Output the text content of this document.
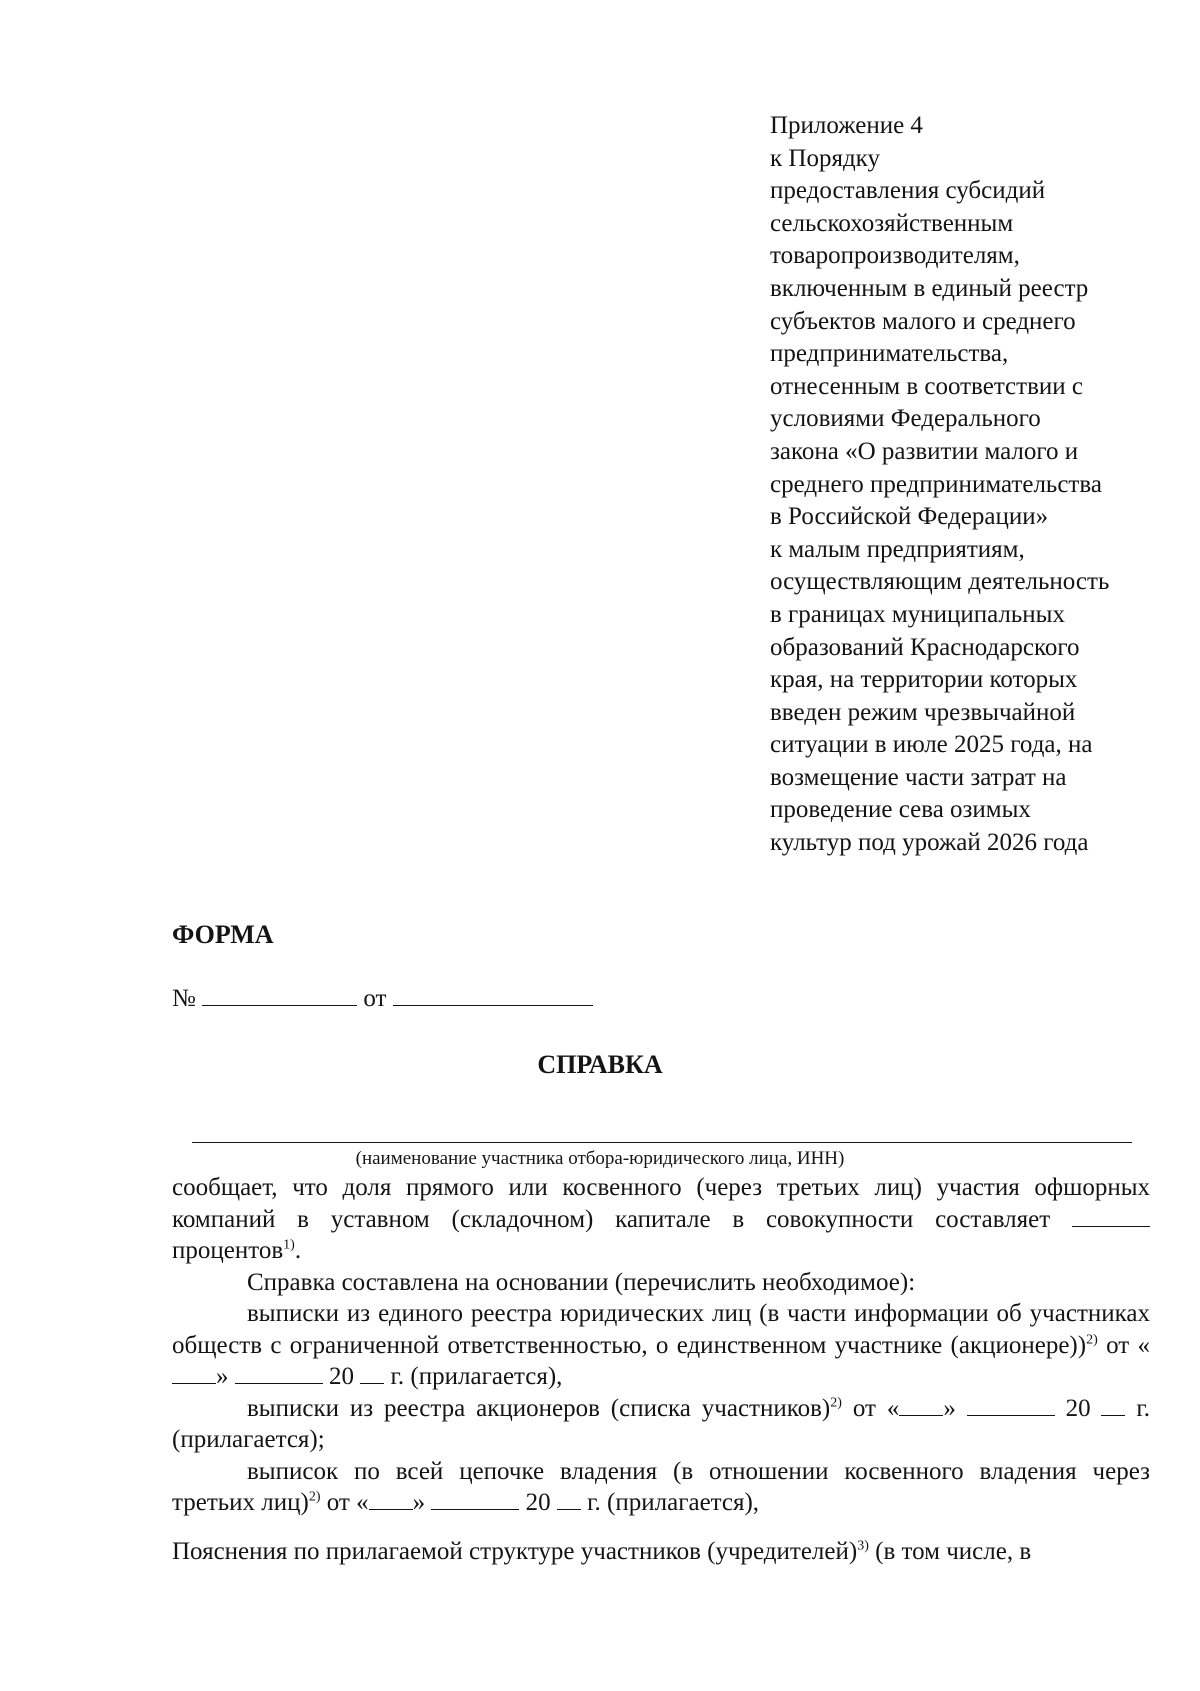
Приложение 4
к Порядку
предоставления субсидий
сельскохозяйственным
товаропроизводителям,
включенным в единый реестр
субъектов малого и среднего
предпринимательства,
отнесенным в соответствии с
условиями Федерального
закона «О развитии малого и
среднего предпринимательства
в Российской Федерации»
к малым предприятиям,
осуществляющим деятельность
в границах муниципальных
образований Краснодарского
края, на территории которых
введен режим чрезвычайной
ситуации в июле 2025 года, на
возмещение части затрат на
проведение сева озимых
культур под урожай 2026 года
ФОРМА
№	от
СПРАВКА
(наименование участника отбора-юридического лица, ИНН)

сообщает, что доля прямого или косвенного (через третьих лиц) участия офшорных компаний в уставном (складочном) капитале в совокупности составляет  процентов$^{1)}$.

Справка составлена на основании (перечислить необходимое):

выписки из единого реестра юридических лиц (в части информации об участниках обществ с ограниченной ответственностью, о единственном участнике (акционере))$^{2)}$ от «»	20 г. (прилагается),

выписки из реестра акционеров (списка участников)$^{2)}$ от « »	20 г. (прилагается);

выписок по всей цепочке владения (в отношении косвенного владения через третьих лиц)$^{2)}$ от « »	20 г. (прилагается),

Пояснения по прилагаемой структуре участников (учредителей)$^{3)}$ (в том числе, в
